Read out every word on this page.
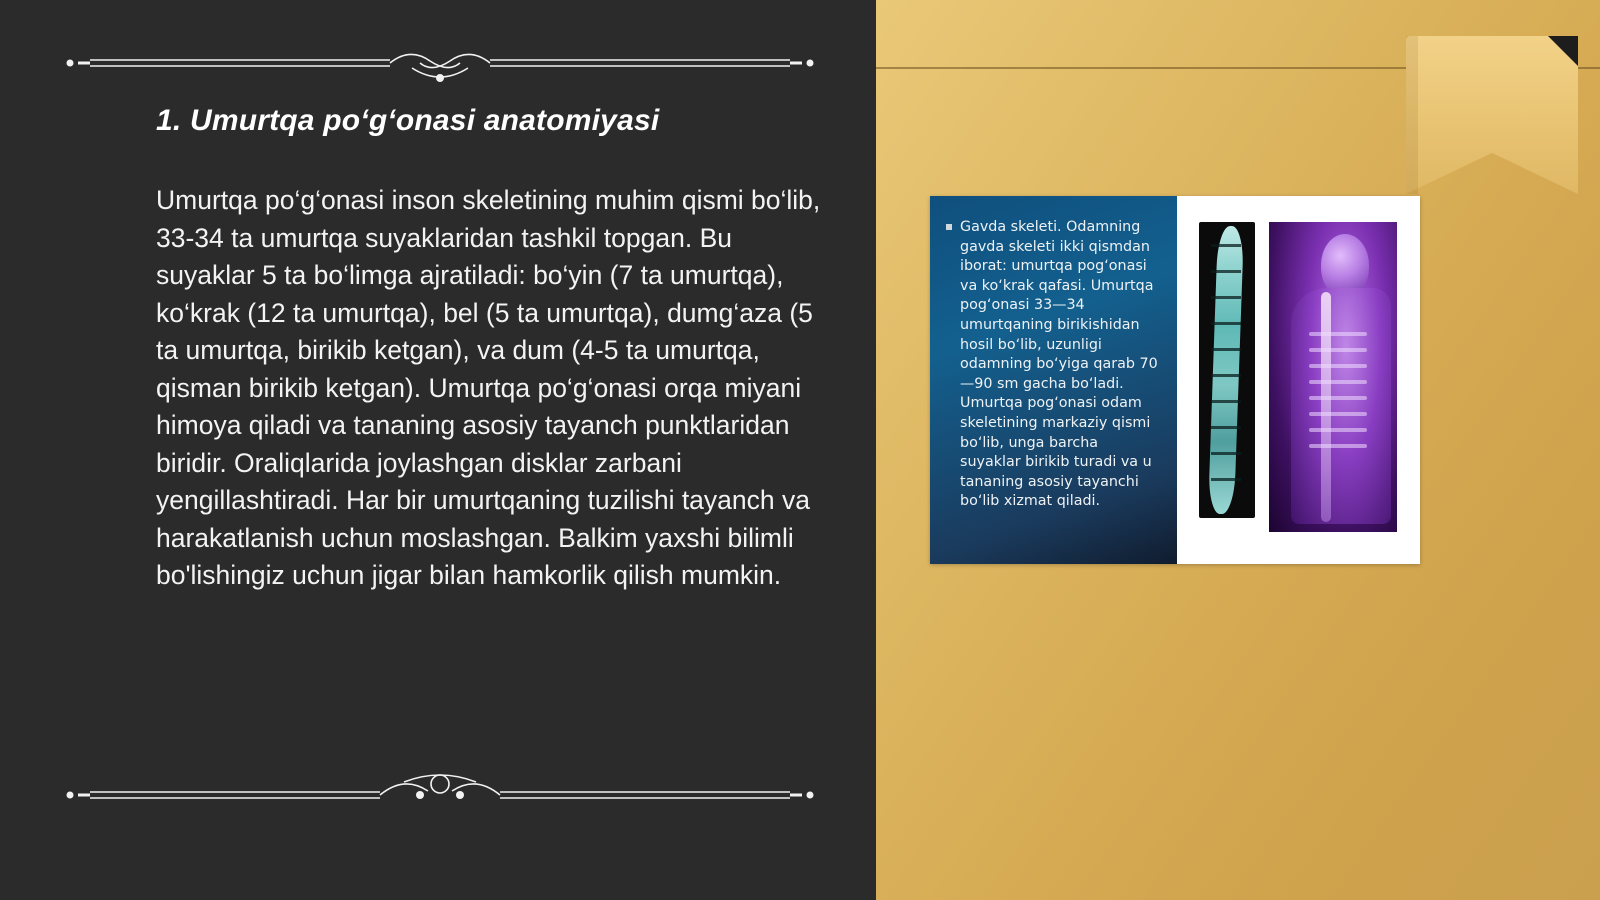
Gavda skeleti. Odamning gavda skeleti ikki qismdan iborat: umurtqa pog‘onasi va ko‘krak qafasi. Umurtqa pog‘onasi 33—34 umurtqaning birikishidan hosil bo‘lib, uzunligi odamning bo‘yiga qarab 70—90 sm gacha bo‘ladi. Umurtqa pog‘onasi odam skeletining markaziy qismi bo‘lib, unga barcha suyaklar birikib turadi va u tananing asosiy tayanchi bo‘lib xizmat qiladi.
1. Umurtqa po‘g‘onasi anatomiyasi
Umurtqa po‘g‘onasi inson skeletining muhim qismi bo‘lib, 33-34 ta umurtqa suyaklaridan tashkil topgan. Bu suyaklar 5 ta bo‘limga ajratiladi: bo‘yin (7 ta umurtqa), ko‘krak (12 ta umurtqa), bel (5 ta umurtqa), dumg‘aza (5 ta umurtqa, birikib ketgan), va dum (4-5 ta umurtqa, qisman birikib ketgan). Umurtqa po‘g‘onasi orqa miyani himoya qiladi va tananing asosiy tayanch punktlaridan biridir. Oraliqlarida joylashgan disklar zarbani yengillashtiradi. Har bir umurtqaning tuzilishi tayanch va harakatlanish uchun moslashgan. Balkim yaxshi bilimli bo'lishingiz uchun jigar bilan hamkorlik qilish mumkin.
